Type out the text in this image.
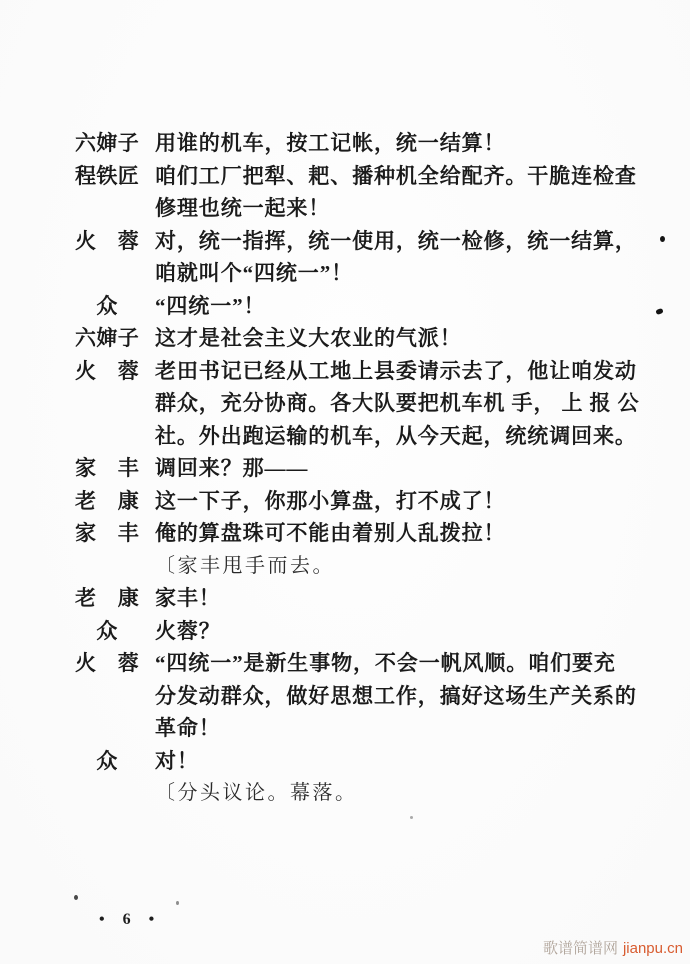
六婶子 用谁的机车，按工记帐，统一结算！
程铁匠 咱们工厂把犁、耙、播种机全给配齐。干脆连检查
修理也统一起来！
火　蓉 对，统一指挥，统一使用，统一检修，统一结算，
咱就叫个“四统一”！
　众	“四统一”！
六婶子 这才是社会主义大农业的气派！
火　蓉 老田书记已经从工地上县委请示去了，他让咱发动
群众，充分协商。各大队要把机车机 手， 上 报 公
社。外出跑运输的机车，从今天起，统统调回来。
家　丰 调回来？那——
老　康 这一下子，你那小算盘，打不成了！
家　丰 俺的算盘珠可不能由着别人乱拨拉！
〔家丰甩手而去。
老　康 家丰！
　众	火蓉？
火　蓉 “四统一”是新生事物，不会一帆风顺。咱们要充
分发动群众，做好思想工作，搞好这场生产关系的
革命！
　众	对！
〔分头议论。幕落。
• 6 •
歌谱简谱网 jianpu.cn
